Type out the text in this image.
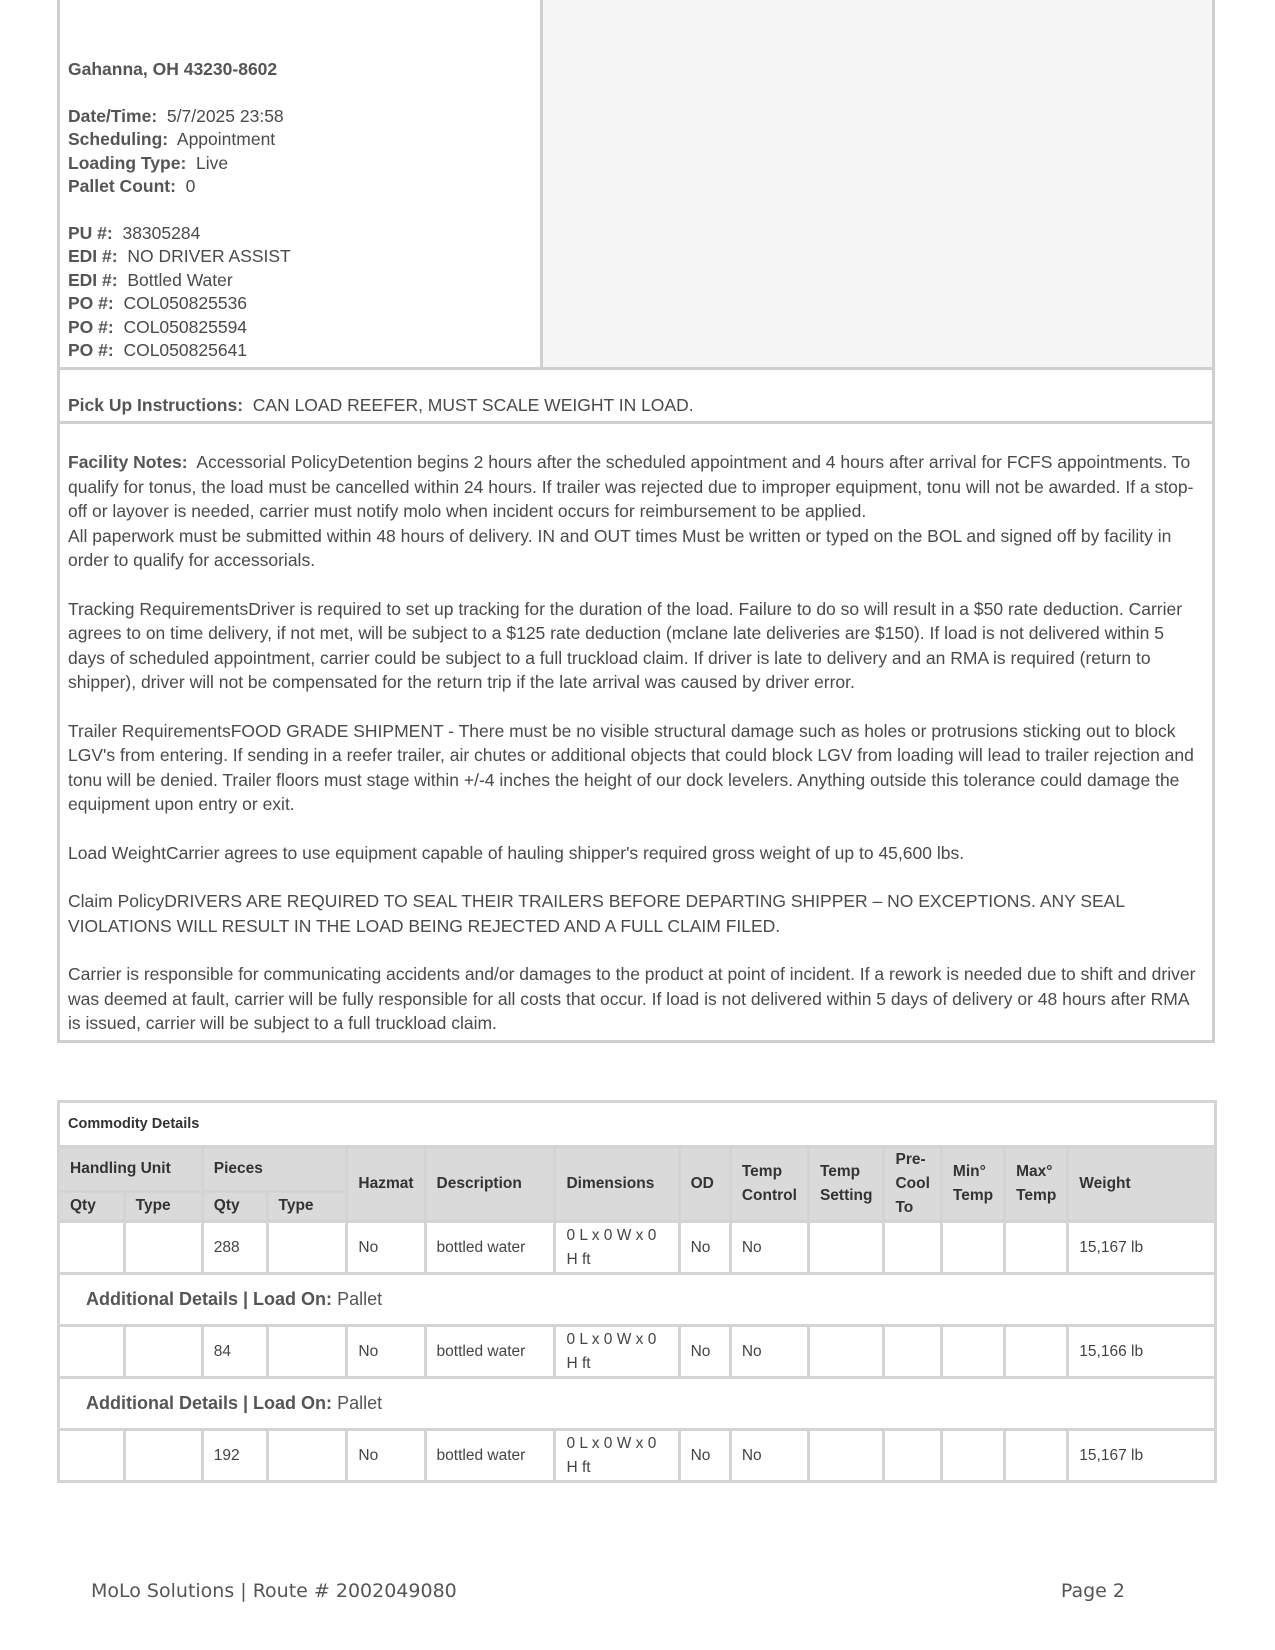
Gahanna, OH 43230-8602
Date/Time: 5/7/2025 23:58
Scheduling: Appointment
Loading Type: Live
Pallet Count: 0
PU #: 38305284
EDI #: NO DRIVER ASSIST
EDI #: Bottled Water
PO #: COL050825536
PO #: COL050825594
PO #: COL050825641
Pick Up Instructions: CAN LOAD REEFER, MUST SCALE WEIGHT IN LOAD.

Facility Notes: Accessorial PolicyDetention begins 2 hours after the scheduled appointment and 4 hours after arrival for FCFS appointments. To qualify for tonus, the load must be cancelled within 24 hours. If trailer was rejected due to improper equipment, tonu will not be awarded. If a stop-off or layover is needed, carrier must notify molo when incident occurs for reimbursement to be applied.
All paperwork must be submitted within 48 hours of delivery. IN and OUT times Must be written or typed on the BOL and signed off by facility in order to qualify for accessorials.

Tracking RequirementsDriver is required to set up tracking for the duration of the load. Failure to do so will result in a $50 rate deduction. Carrier agrees to on time delivery, if not met, will be subject to a $125 rate deduction (mclane late deliveries are $150). If load is not delivered within 5 days of scheduled appointment, carrier could be subject to a full truckload claim. If driver is late to delivery and an RMA is required (return to shipper), driver will not be compensated for the return trip if the late arrival was caused by driver error.

Trailer RequirementsFOOD GRADE SHIPMENT - There must be no visible structural damage such as holes or protrusions sticking out to block LGV's from entering. If sending in a reefer trailer, air chutes or additional objects that could block LGV from loading will lead to trailer rejection and tonu will be denied. Trailer floors must stage within +/-4 inches the height of our dock levelers. Anything outside this tolerance could damage the equipment upon entry or exit.

Load WeightCarrier agrees to use equipment capable of hauling shipper's required gross weight of up to 45,600 lbs.

Claim PolicyDRIVERS ARE REQUIRED TO SEAL THEIR TRAILERS BEFORE DEPARTING SHIPPER – NO EXCEPTIONS. ANY SEAL VIOLATIONS WILL RESULT IN THE LOAD BEING REJECTED AND A FULL CLAIM FILED.

Carrier is responsible for communicating accidents and/or damages to the product at point of incident. If a rework is needed due to shift and driver was deemed at fault, carrier will be fully responsible for all costs that occur. If load is not delivered within 5 days of delivery or 48 hours after RMA is issued, carrier will be subject to a full truckload claim.

Commodity Details													
Handling Unit		Pieces		Hazmat	Description	Dimensions	OD	Temp Control	Temp Setting	Pre-Cool To	Min° Temp	Max° Temp	Weight
Qty	Type	Qty	Type										
		288		No	bottled water	0 L x 0 W x 0 H ft	No	No					15,167 lb
Additional Details | Load On: Pallet													
		84		No	bottled water	0 L x 0 W x 0 H ft	No	No					15,166 lb
Additional Details | Load On: Pallet													
		192		No	bottled water	0 L x 0 W x 0 H ft	No	No					15,167 lb
MoLo Solutions | Route # 2002049080	Page 2
